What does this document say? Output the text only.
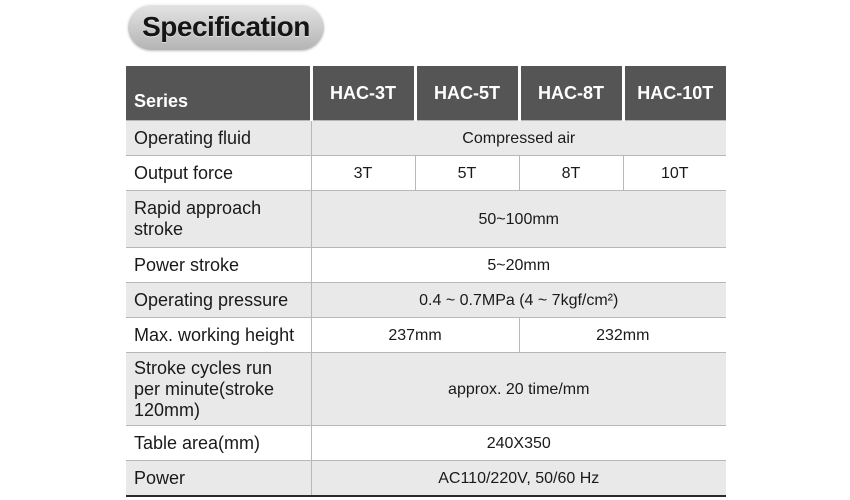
Specification
Series	HAC-3T	HAC-5T	HAC-8T	HAC-10T
Operating fluid	Compressed air			
Output force	3T	5T	8T	10T

Rapid approach
stroke	50~100mm			
Power stroke	5~20mm			
Operating pressure	0.4 ~ 0.7MPa (4 ~ 7kgf/cm²)			
Max. working height	237mm		232mm	

Stroke cycles run
per minute(stroke
120mm)	approx. 20 time/mm			
Table area(mm)	240X350			
Power	AC110/220V, 50/60 Hz			
